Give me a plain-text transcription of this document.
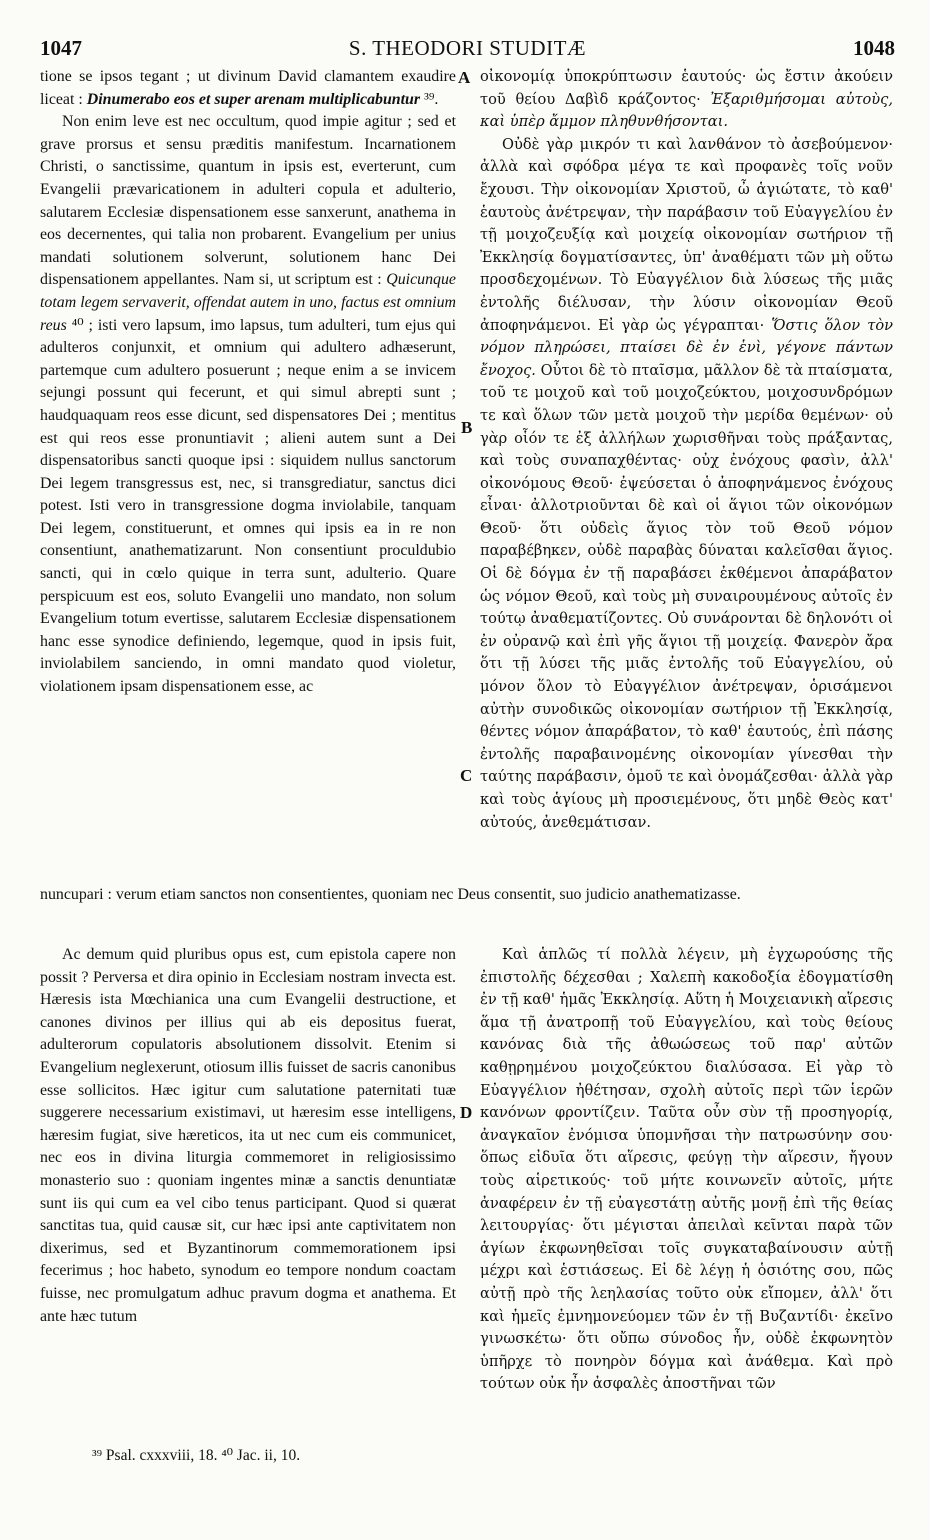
1047	S. THEODORI STUDITÆ	1048

tione se ipsos tegant ; ut divinum David clamantem exaudire liceat : Dinumerabo eos et super arenam multiplicabuntur ³⁹.

Non enim leve est nec occultum, quod impie agitur ; sed et grave prorsus et sensu præditis manifestum. Incarnationem Christi, o sanctissime, quantum in ipsis est, everterunt, cum Evangelii prævaricationem in adulteri copula et adulterio, salutarem Ecclesiæ dispensationem esse sanxerunt, anathema in eos decernentes, qui talia non probarent. Evangelium per unius mandati solutionem solverunt, solutionem hanc Dei dispensationem appellantes. Nam si, ut scriptum est : Quicunque totam legem servaverit, offendat autem in uno, factus est omnium reus ⁴⁰ ; isti vero lapsum, imo lapsus, tum adulteri, tum ejus qui adulteros conjunxit, et omnium qui adultero adhæserunt, partemque cum adultero posuerunt ; neque enim a se invicem sejungi possunt qui fecerunt, et qui simul abrepti sunt ; haudquaquam reos esse dicunt, sed dispensatores Dei ; mentitus est qui reos esse pronuntiavit ; alieni autem sunt a Dei dispensatoribus sancti quoque ipsi : siquidem nullus sanctorum Dei legem transgressus est, nec, si transgrediatur, sanctus dici potest. Isti vero in transgressione dogma inviolabile, tanquam Dei legem, constituerunt, et omnes qui ipsis ea in re non consentiunt, anathematizarunt. Non consentiunt proculdubio sancti, qui in cœlo quique in terra sunt, adulterio. Quare perspicuum est eos, soluto Evangelii uno mandato, non solum Evangelium totum evertisse, salutarem Ecclesiæ dispensationem hanc esse synodice definiendo, legemque, quod in ipsis fuit, inviolabilem sanciendo, in omni mandato quod violetur, violationem ipsam dispensationem esse, ac

οἰκονομίᾳ ὑποκρύπτωσιν ἑαυτούς· ὡς ἔστιν ἀκούειν τοῦ θείου Δαβὶδ κράζοντος· Ἐξαριθμήσομαι αὐτοὺς, καὶ ὑπὲρ ἄμμον πληθυνθήσονται.

Οὐδὲ γὰρ μικρόν τι καὶ λανθάνον τὸ ἀσεβούμενον· ἀλλὰ καὶ σφόδρα μέγα τε καὶ προφανὲς τοῖς νοῦν ἔχουσι. Τὴν οἰκονομίαν Χριστοῦ, ὦ ἁγιώτατε, τὸ καθ' ἑαυτοὺς ἀνέτρεψαν, τὴν παράβασιν τοῦ Εὐαγγελίου ἐν τῇ μοιχοζευξίᾳ καὶ μοιχείᾳ οἰκονομίαν σωτήριον τῇ Ἐκκλησίᾳ δογματίσαντες, ὑπ' ἀναθέματι τῶν μὴ οὕτω προσδεχομένων. Τὸ Εὐαγγέλιον διὰ λύσεως τῆς μιᾶς ἐντολῆς διέλυσαν, τὴν λύσιν οἰκονομίαν Θεοῦ ἀποφηνάμενοι. Εἰ γὰρ ὡς γέγραπται· Ὅστις ὅλον τὸν νόμον πληρώσει, πταίσει δὲ ἐν ἑνὶ, γέγονε πάντων ἔνοχος. Οὗτοι δὲ τὸ πταῖσμα, μᾶλλον δὲ τὰ πταίσματα, τοῦ τε μοιχοῦ καὶ τοῦ μοιχοζεύκτου, μοιχοσυνδρόμων τε καὶ ὅλων τῶν μετὰ μοιχοῦ τὴν μερίδα θεμένων· οὐ γὰρ οἷόν τε ἐξ ἀλλήλων χωρισθῆναι τοὺς πράξαντας, καὶ τοὺς συναπαχθέντας· οὐχ ἐνόχους φασὶν, ἀλλ' οἰκονόμους Θεοῦ· ἐψεύσεται ὁ ἀποφηνάμενος ἐνόχους εἶναι· ἀλλοτριοῦνται δὲ καὶ οἱ ἅγιοι τῶν οἰκονόμων Θεοῦ· ὅτι οὐδεὶς ἅγιος τὸν τοῦ Θεοῦ νόμον παραβέβηκεν, οὐδὲ παραβὰς δύναται καλεῖσθαι ἅγιος. Οἱ δὲ δόγμα ἐν τῇ παραβάσει ἐκθέμενοι ἀπαράβατον ὡς νόμον Θεοῦ, καὶ τοὺς μὴ συναιρουμένους αὐτοῖς ἐν τούτῳ ἀναθεματίζοντες. Οὐ συνάρονται δὲ δηλονότι οἱ ἐν οὐρανῷ καὶ ἐπὶ γῆς ἅγιοι τῇ μοιχείᾳ. Φανερὸν ἄρα ὅτι τῇ λύσει τῆς μιᾶς ἐντολῆς τοῦ Εὐαγγελίου, οὐ μόνον ὅλον τὸ Εὐαγγέλιον ἀνέτρεψαν, ὁρισάμενοι αὐτὴν συνοδικῶς οἰκονομίαν σωτήριον τῇ Ἐκκλησίᾳ, θέντες νόμον ἀπαράβατον, τὸ καθ' ἑαυτούς, ἐπὶ πάσης ἐντολῆς παραβαινομένης οἰκονομίαν γίνεσθαι τὴν ταύτης παράβασιν, ὁμοῦ τε καὶ ὀνομάζεσθαι· ἀλλὰ γὰρ καὶ τοὺς ἁγίους μὴ προσιεμένους, ὅτι μηδὲ Θεὸς κατ' αὐτούς, ἀνεθεμάτισαν.

A
B
C
D
nuncupari : verum etiam sanctos non consentientes, quoniam nec Deus consentit, suo judicio anathematizasse.

Ac demum quid pluribus opus est, cum epistola capere non possit ? Perversa et dira opinio in Ecclesiam nostram invecta est. Hæresis ista Mœchianica una cum Evangelii destructione, et canones divinos per illius qui ab eis depositus fuerat, adulterorum copulatoris absolutionem dissolvit. Etenim si Evangelium neglexerunt, otiosum illis fuisset de sacris canonibus esse sollicitos. Hæc igitur cum salutatione paternitati tuæ suggerere necessarium existimavi, ut hæresim esse intelligens, hæresim fugiat, sive hæreticos, ita ut nec cum eis communicet, nec eos in divina liturgia commemoret in religiosissimo monasterio suo : quoniam ingentes minæ a sanctis denuntiatæ sunt iis qui cum ea vel cibo tenus participant. Quod si quærat sanctitas tua, quid causæ sit, cur hæc ipsi ante captivitatem non dixerimus, sed et Byzantinorum commemorationem ipsi fecerimus ; hoc habeto, synodum eo tempore nondum coactam fuisse, nec promulgatum adhuc pravum dogma et anathema. Et ante hæc tutum

Καὶ ἁπλῶς τί πολλὰ λέγειν, μὴ ἐγχωρούσης τῆς ἐπιστολῆς δέχεσθαι ; Χαλεπὴ κακοδοξία ἐδογματίσθη ἐν τῇ καθ' ἡμᾶς Ἐκκλησίᾳ. Αὕτη ἡ Μοιχειανικὴ αἵρεσις ἅμα τῇ ἀνατροπῇ τοῦ Εὐαγγελίου, καὶ τοὺς θείους κανόνας διὰ τῆς ἀθωώσεως τοῦ παρ' αὐτῶν καθῃρημένου μοιχοζεύκτου διαλύσασα. Εἰ γὰρ τὸ Εὐαγγέλιον ἠθέτησαν, σχολὴ αὐτοῖς περὶ τῶν ἱερῶν κανόνων φροντίζειν. Ταῦτα οὖν σὺν τῇ προσηγορίᾳ, ἀναγκαῖον ἐνόμισα ὑπομνῆσαι τὴν πατρωσύνην σου· ὅπως εἰδυῖα ὅτι αἵρεσις, φεύγῃ τὴν αἵρεσιν, ἤγουν τοὺς αἱρετικούς· τοῦ μήτε κοινωνεῖν αὐτοῖς, μήτε ἀναφέρειν ἐν τῇ εὐαγεστάτῃ αὐτῆς μονῇ ἐπὶ τῆς θείας λειτουργίας· ὅτι μέγισται ἀπειλαὶ κεῖνται παρὰ τῶν ἁγίων ἐκφωνηθεῖσαι τοῖς συγκαταβαίνουσιν αὐτῇ μέχρι καὶ ἑστιάσεως. Εἰ δὲ λέγῃ ἡ ὁσιότης σου, πῶς αὐτῇ πρὸ τῆς λεηλασίας τοῦτο οὐκ εἴπομεν, ἀλλ' ὅτι καὶ ἡμεῖς ἐμνημονεύομεν τῶν ἐν τῇ Βυζαντίδι· ἐκεῖνο γινωσκέτω· ὅτι οὔπω σύνοδος ἦν, οὐδὲ ἐκφωνητὸν ὑπῆρχε τὸ πονηρὸν δόγμα καὶ ἀνάθεμα. Καὶ πρὸ τούτων οὐκ ἦν ἀσφαλὲς ἀποστῆναι τῶν

³⁹ Psal. cxxxviii, 18. ⁴⁰ Jac. ii, 10.
